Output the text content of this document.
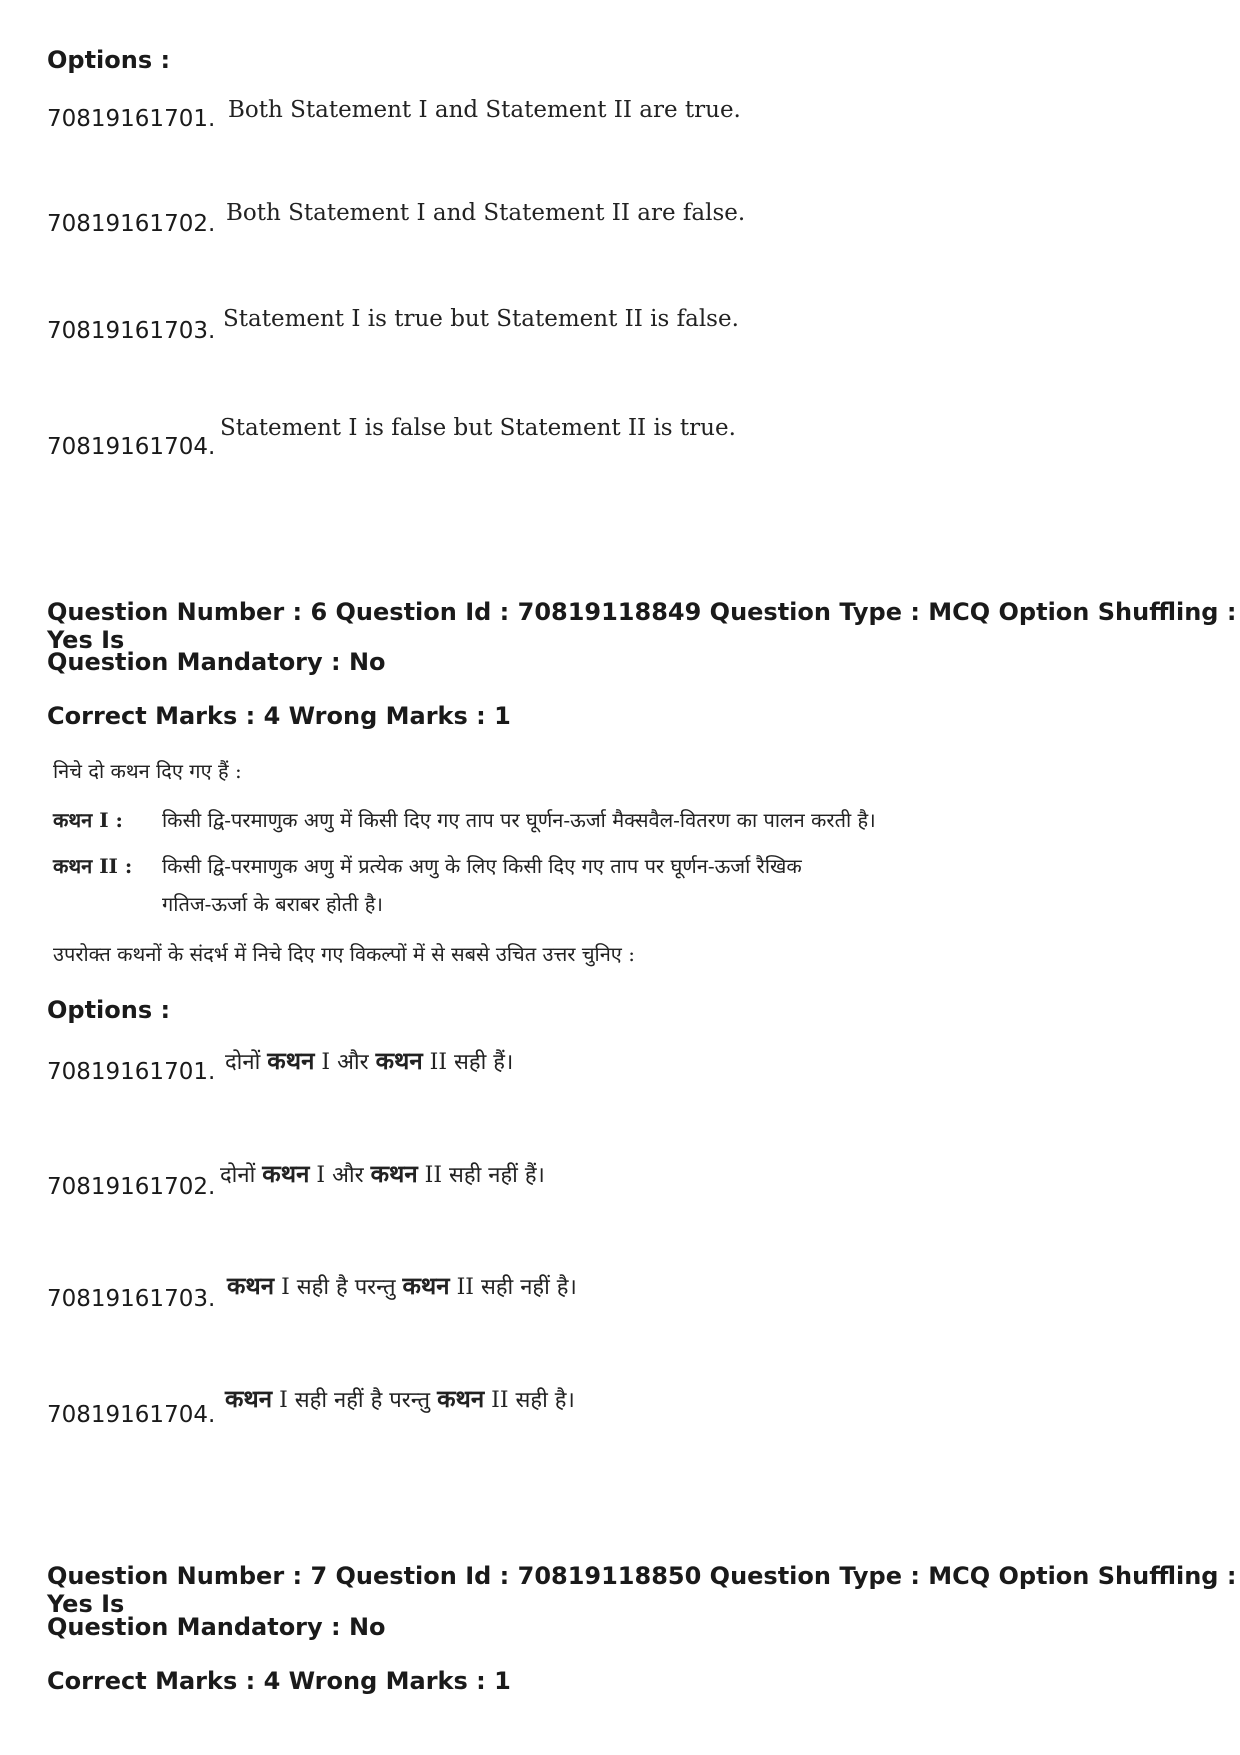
Options :
70819161701. Both Statement I and Statement II are true.
70819161702. Both Statement I and Statement II are false.
70819161703. Statement I is true but Statement II is false.
70819161704.
Statement I is false but Statement II is true.
Question Number : 6 Question Id : 70819118849 Question Type : MCQ Option Shuffling : Yes Is
Question Mandatory : No
Correct Marks : 4 Wrong Marks : 1
निचे दो कथन दिए गए हैं :
कथन I : किसी द्वि-परमाणुक अणु में किसी दिए गए ताप पर घूर्णन-ऊर्जा मैक्सवैल-वितरण का पालन करती है।
कथन II : किसी द्वि-परमाणुक अणु में प्रत्येक अणु के लिए किसी दिए गए ताप पर घूर्णन-ऊर्जा रैखिक
गतिज-ऊर्जा के बराबर होती है।
उपरोक्त कथनों के संदर्भ में निचे दिए गए विकल्पों में से सबसे उचित उत्तर चुनिए :
Options :
70819161701. दोनों कथन I और कथन II सही हैं।
70819161702. दोनों कथन I और कथन II सही नहीं हैं।
70819161703. कथन I सही है परन्तु कथन II सही नहीं है।
70819161704.
कथन I सही नहीं है परन्तु कथन II सही है।
Question Number : 7 Question Id : 70819118850 Question Type : MCQ Option Shuffling : Yes Is
Question Mandatory : No
Correct Marks : 4 Wrong Marks : 1
